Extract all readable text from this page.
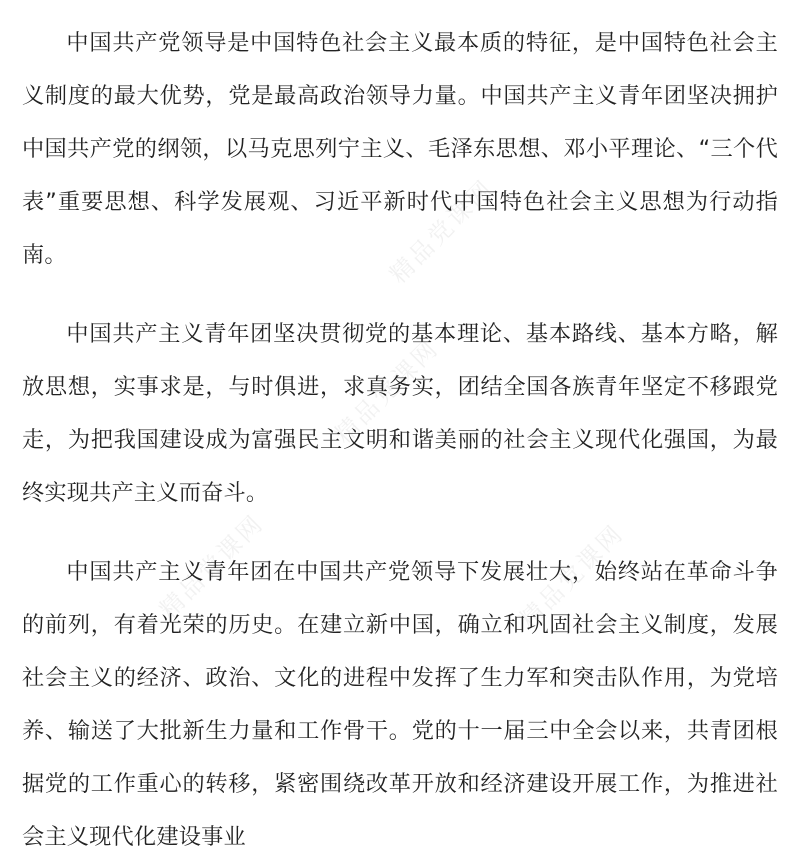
中国共产党领导是中国特色社会主义最本质的特征，是中国特色社会主义制度的最大优势，党是最高政治领导力量。中国共产主义青年团坚决拥护中国共产党的纲领，以马克思列宁主义、毛泽东思想、邓小平理论、“三个代表”重要思想、科学发展观、习近平新时代中国特色社会主义思想为行动指南。

中国共产主义青年团坚决贯彻党的基本理论、基本路线、基本方略，解放思想，实事求是，与时俱进，求真务实，团结全国各族青年坚定不移跟党走，为把我国建设成为富强民主文明和谐美丽的社会主义现代化强国，为最终实现共产主义而奋斗。

中国共产主义青年团在中国共产党领导下发展壮大，始终站在革命斗争的前列，有着光荣的历史。在建立新中国，确立和巩固社会主义制度，发展社会主义的经济、政治、文化的进程中发挥了生力军和突击队作用，为党培养、输送了大批新生力量和工作骨干。党的十一届三中全会以来，共青团根据党的工作重心的转移，紧密围绕改革开放和经济建设开展工作，为推进社会主义现代化建设事业

精品党课网
精品党课网
精品党课网	精品党课网
